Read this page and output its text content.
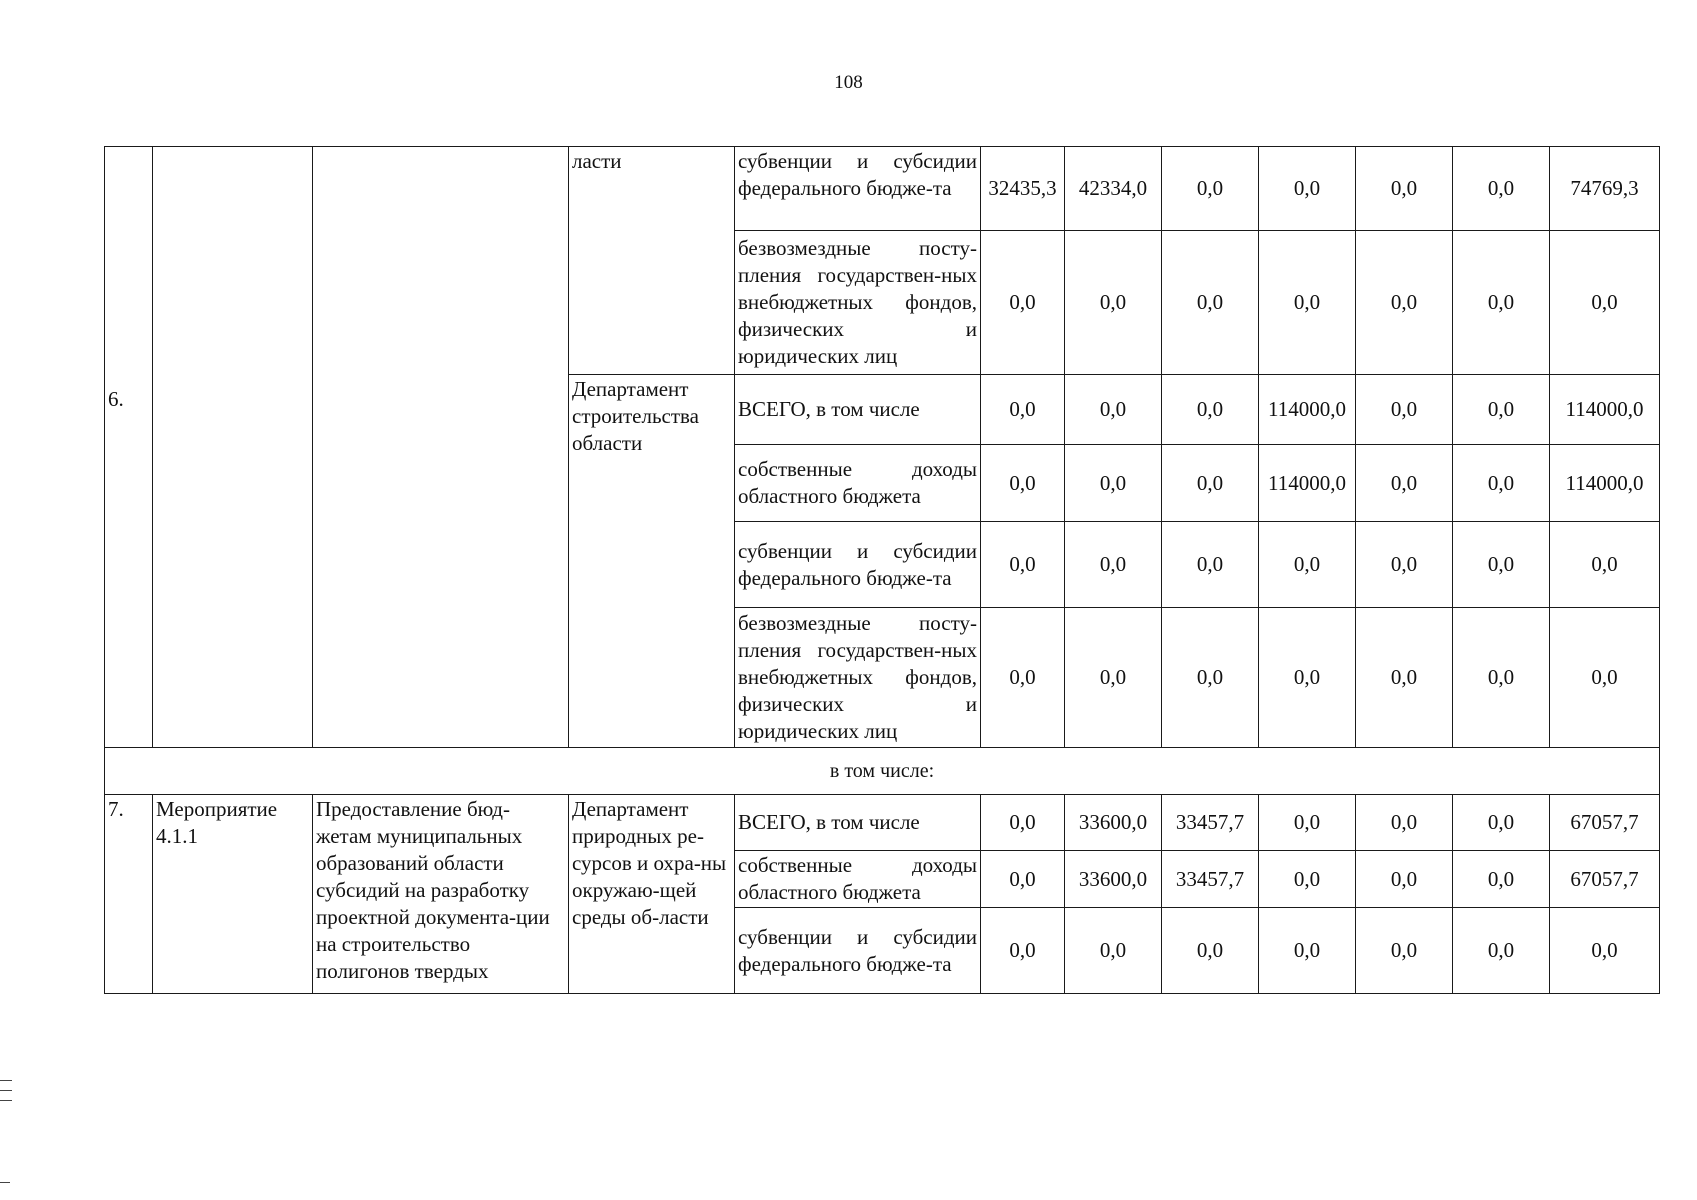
108
6.			ласти	субвенции и субсидии федерального бюдже-та	32435,3	42334,0	0,0	0,0	0,0	0,0	74769,3
				безвозмездные посту-пления государствен-ных внебюджетных фондов, физических и юридических лиц	0,0	0,0	0,0	0,0	0,0	0,0	0,0
			Департамент строительства области	ВСЕГО, в том числе	0,0	0,0	0,0	114000,0	0,0	0,0	114000,0
				собственные доходы областного бюджета	0,0	0,0	0,0	114000,0	0,0	0,0	114000,0
				субвенции и субсидии федерального бюдже-та	0,0	0,0	0,0	0,0	0,0	0,0	0,0
				безвозмездные посту-пления государствен-ных внебюджетных фондов, физических и юридических лиц	0,0	0,0	0,0	0,0	0,0	0,0	0,0
в том числе:											
7.	Мероприятие 4.1.1	Предоставление бюд-жетам муниципальных образований области субсидий на разработку проектной документа-ции на строительство полигонов твердых	Департамент природных ре-сурсов и охра-ны окружаю-щей среды об-ласти	ВСЕГО, в том числе	0,0	33600,0	33457,7	0,0	0,0	0,0	67057,7
				собственные доходы областного бюджета	0,0	33600,0	33457,7	0,0	0,0	0,0	67057,7
				субвенции и субсидии федерального бюдже-та	0,0	0,0	0,0	0,0	0,0	0,0	0,0
